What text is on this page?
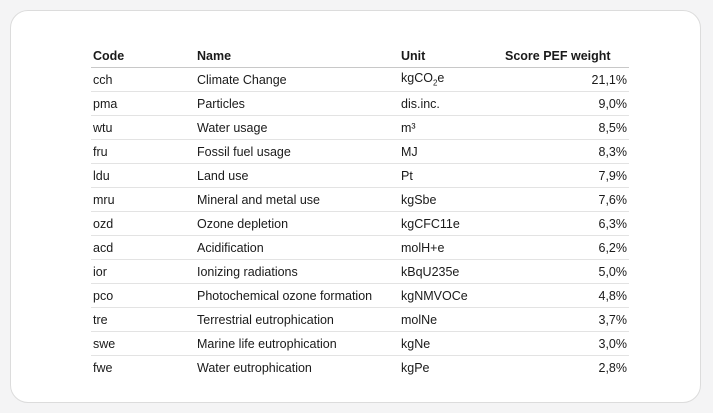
Code	Name	Unit	Score PEF weight
cch	Climate Change	kgCO$_2$e	21,1%
pma	Particles	dis.inc.	9,0%
wtu	Water usage	m³	8,5%
fru	Fossil fuel usage	MJ	8,3%
ldu	Land use	Pt	7,9%
mru	Mineral and metal use	kgSbe	7,6%
ozd	Ozone depletion	kgCFC11e	6,3%
acd	Acidification	molH+e	6,2%
ior	Ionizing radiations	kBqU235e	5,0%
pco	Photochemical ozone formation	kgNMVOCe	4,8%
tre	Terrestrial eutrophication	molNe	3,7%
swe	Marine life eutrophication	kgNe	3,0%
fwe	Water eutrophication	kgPe	2,8%
